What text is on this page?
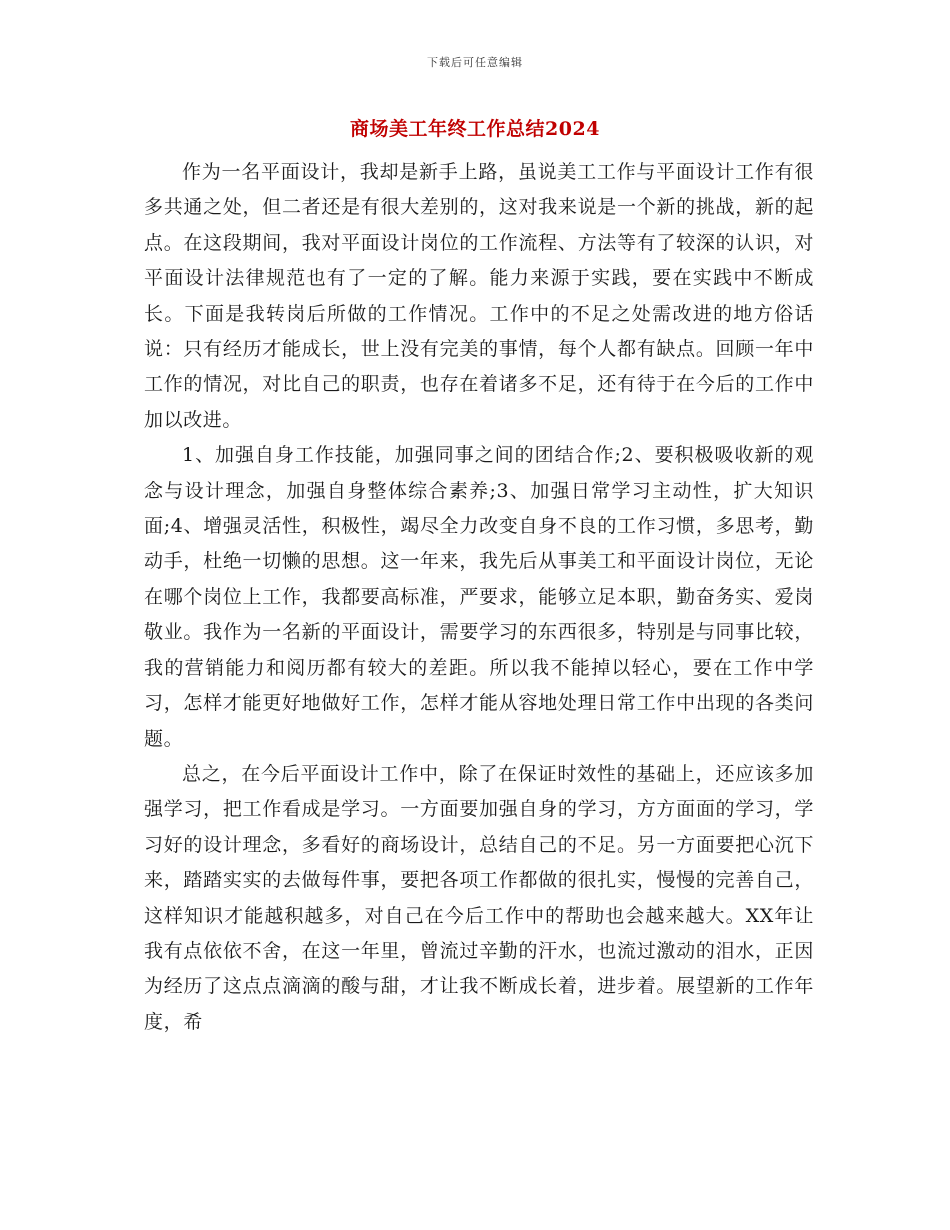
下载后可任意编辑
商场美工年终工作总结2024

作为一名平面设计，我却是新手上路，虽说美工工作与平面设计工作有很多共通之处，但二者还是有很大差别的，这对我来说是一个新的挑战，新的起点。在这段期间，我对平面设计岗位的工作流程、方法等有了较深的认识，对平面设计法律规范也有了一定的了解。能力来源于实践，要在实践中不断成长。下面是我转岗后所做的工作情况。工作中的不足之处需改进的地方俗话说：只有经历才能成长，世上没有完美的事情，每个人都有缺点。回顾一年中工作的情况，对比自己的职责，也存在着诸多不足，还有待于在今后的工作中加以改进。

1、加强自身工作技能，加强同事之间的团结合作;2、要积极吸收新的观念与设计理念，加强自身整体综合素养;3、加强日常学习主动性，扩大知识面;4、增强灵活性，积极性，竭尽全力改变自身不良的工作习惯，多思考，勤动手，杜绝一切懒的思想。这一年来，我先后从事美工和平面设计岗位，无论在哪个岗位上工作，我都要高标准，严要求，能够立足本职，勤奋务实、爱岗敬业。我作为一名新的平面设计，需要学习的东西很多，特别是与同事比较，我的营销能力和阅历都有较大的差距。所以我不能掉以轻心，要在工作中学习，怎样才能更好地做好工作，怎样才能从容地处理日常工作中出现的各类问题。

总之，在今后平面设计工作中，除了在保证时效性的基础上，还应该多加强学习，把工作看成是学习。一方面要加强自身的学习，方方面面的学习，学习好的设计理念，多看好的商场设计，总结自己的不足。另一方面要把心沉下来，踏踏实实的去做每件事，要把各项工作都做的很扎实，慢慢的完善自己，这样知识才能越积越多，对自己在今后工作中的帮助也会越来越大。XX年让我有点依依不舍，在这一年里，曾流过辛勤的汗水，也流过激动的泪水，正因为经历了这点点滴滴的酸与甜，才让我不断成长着，进步着。展望新的工作年度，希
